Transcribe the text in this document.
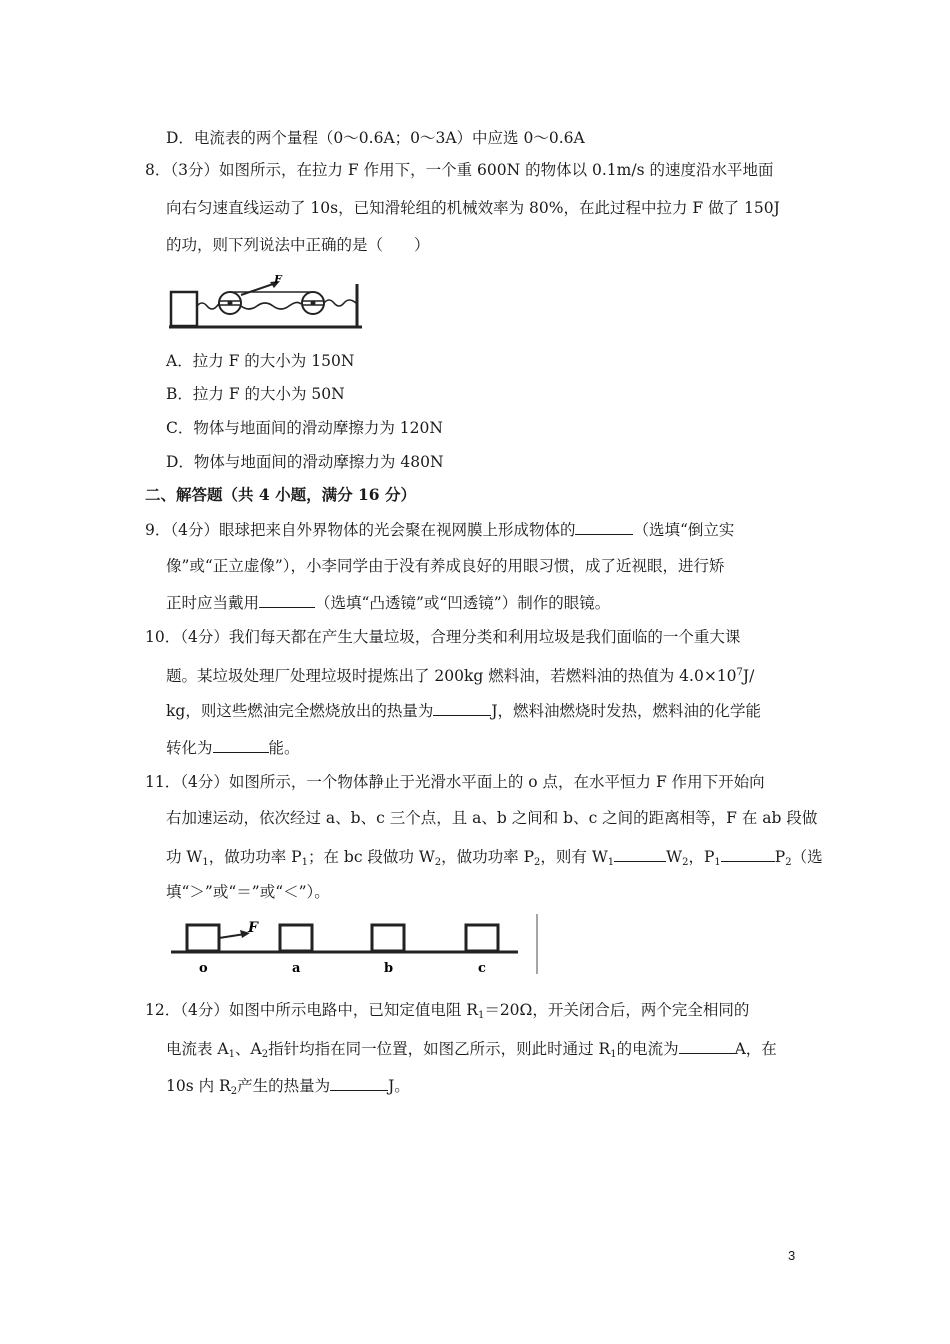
D．电流表的两个量程（0～0.6A；0～3A）中应选 0～0.6A
8．（3分）如图所示，在拉力 F 作用下，一个重 600N 的物体以 0.1m/s 的速度沿水平地面
向右匀速直线运动了 10s，已知滑轮组的机械效率为 80%，在此过程中拉力 F 做了 150J
的功，则下列说法中正确的是（　　）
F
A．拉力 F 的大小为 150N
B．拉力 F 的大小为 50N
C．物体与地面间的滑动摩擦力为 120N
D．物体与地面间的滑动摩擦力为 480N
二、解答题（共 4 小题，满分 16 分）
9．（4分）眼球把来自外界物体的光会聚在视网膜上形成物体的	（选填“倒立实
像”或“正立虚像”），小李同学由于没有养成良好的用眼习惯，成了近视眼，进行矫
正时应当戴用	（选填“凸透镜”或“凹透镜”）制作的眼镜。
10．（4分）我们每天都在产生大量垃圾，合理分类和利用垃圾是我们面临的一个重大课
题。某垃圾处理厂处理垃圾时提炼出了 200kg 燃料油，若燃料油的热值为 $4.0\times 10^7J/$
kg，则这些燃油完全燃烧放出的热量为	J，燃料油燃烧时发热，燃料油的化学能
转化为	能。
11．（4分）如图所示，一个物体静止于光滑水平面上的 o 点，在水平恒力 F 作用下开始向
右加速运动，依次经过 a、b、c 三个点，且 a、b 之间和 b、c 之间的距离相等，F 在 ab 段做
功 $W_1$，做功功率 $P_1$；在 bc 段做功 $W_2$，做功功率 $P_2$，则有 $W_1$	$W_2$，$P_1$	$P_2$（选
填“＞”或“＝”或“＜”）。
F
o	a	b	c
12．（4分）如图中所示电路中，已知定值电阻 $R_1=20\Omega$，开关闭合后，两个完全相同的
电流表 $A_1$、$A_2$指针均指在同一位置，如图乙所示，则此时通过 $R_1$的电流为	A，在
10s 内 $R_2$产生的热量为	J。
3
